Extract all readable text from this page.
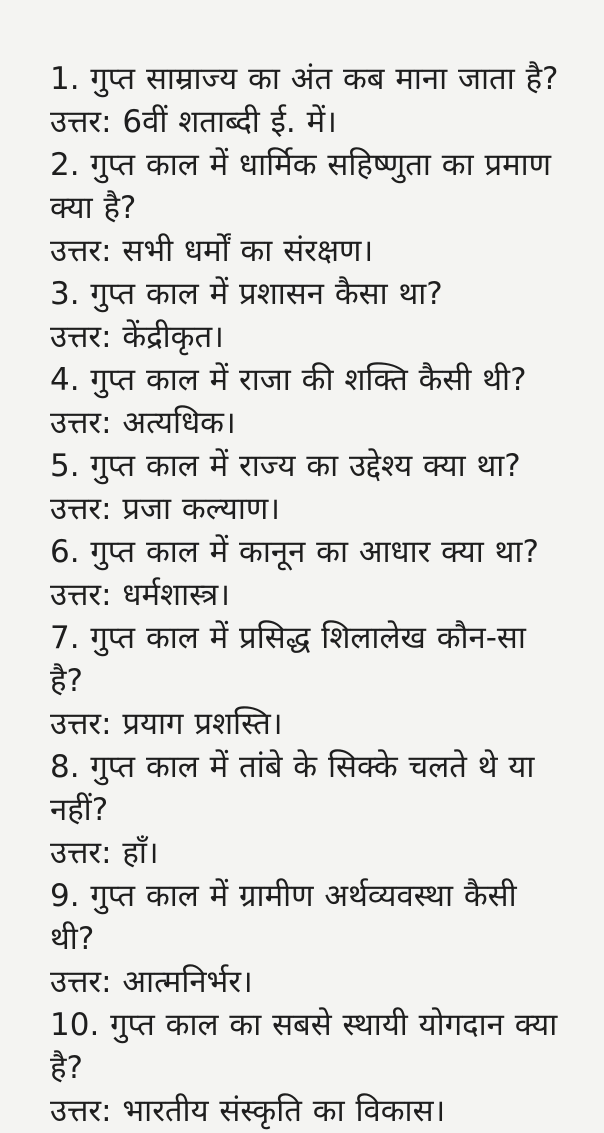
1. गुप्त साम्राज्य का अंत कब माना जाता है?
उत्तर: 6वीं शताब्दी ई. में।
2. गुप्त काल में धार्मिक सहिष्णुता का प्रमाण क्या है?
उत्तर: सभी धर्मों का संरक्षण।
3. गुप्त काल में प्रशासन कैसा था?
उत्तर: केंद्रीकृत।
4. गुप्त काल में राजा की शक्ति कैसी थी?
उत्तर: अत्यधिक।
5. गुप्त काल में राज्य का उद्देश्य क्या था?
उत्तर: प्रजा कल्याण।
6. गुप्त काल में कानून का आधार क्या था?
उत्तर: धर्मशास्त्र।
7. गुप्त काल में प्रसिद्ध शिलालेख कौन-सा है?
उत्तर: प्रयाग प्रशस्ति।
8. गुप्त काल में तांबे के सिक्के चलते थे या नहीं?
उत्तर: हाँ।
9. गुप्त काल में ग्रामीण अर्थव्यवस्था कैसी थी?
उत्तर: आत्मनिर्भर।
10. गुप्त काल का सबसे स्थायी योगदान क्या है?
उत्तर: भारतीय संस्कृति का विकास।
